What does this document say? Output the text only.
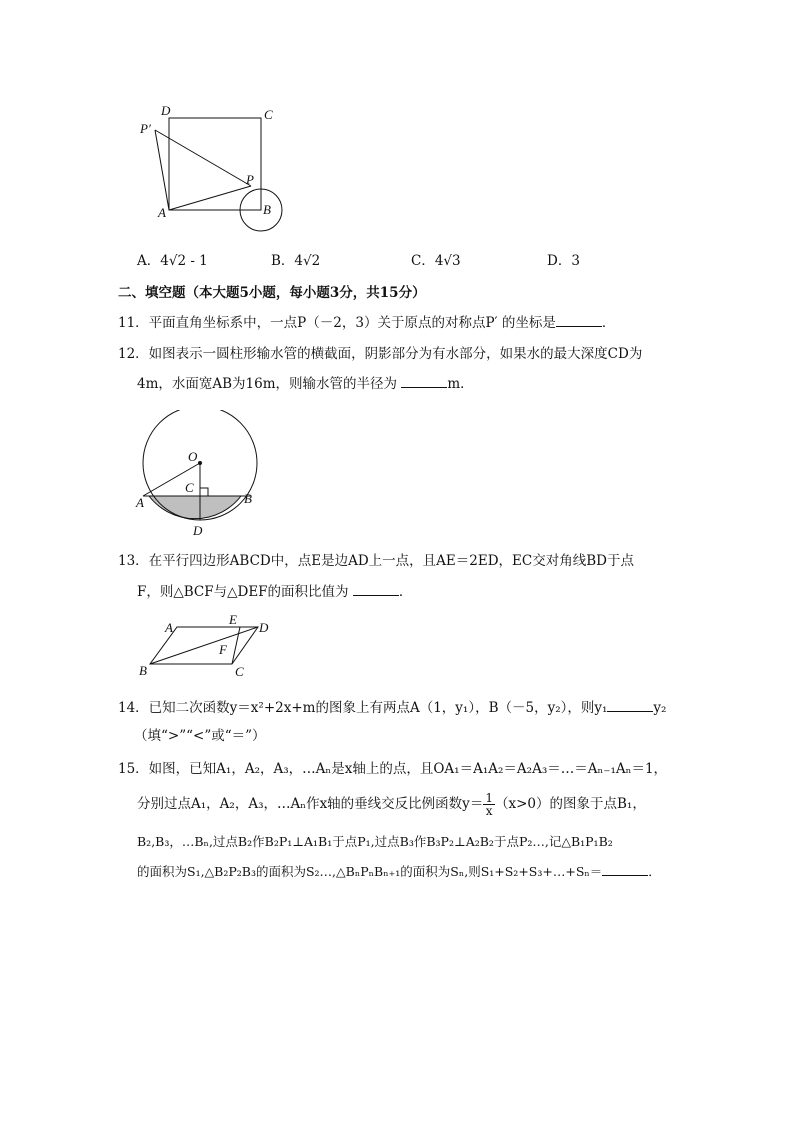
D	C
P′
P
A	B
A．4√2 - 1	B．4√2	C．4√3	D．3
二、填空题（本大题5小题，每小题3分，共15分）
11．平面直角坐标系中，一点P（－2，3）关于原点的对称点P′ 的坐标是	．
12．如图表示一圆柱形输水管的横截面，阴影部分为有水部分，如果水的最大深度CD为
4m，水面宽AB为16m，则输水管的半径为	m．
O
C
A	B
D
13．在平行四边形ABCD中，点E是边AD上一点，且AE＝2ED，EC交对角线BD于点
F，则△BCF与△DEF的面积比值为	．
A
E
D
F
B	C
14．已知二次函数y＝x²+2x+m的图象上有两点A（1，y₁），B（－5，y₂），则y₁	y₂
（填“>”“<”或“＝”）
15．如图，已知A₁，A₂，A₃，…Aₙ是x轴上的点，且OA₁＝A₁A₂＝A₂A₃＝…＝Aₙ₋₁Aₙ＝1，
分别过点A₁，A₂，A₃，…Aₙ作x轴的垂线交反比例函数$y= \frac{1}{x} (x>0)$的图象于点B₁，
B₂,B₃，…Bₙ,过点B₂作B₂P₁⊥A₁B₁于点P₁,过点B₃作B₃P₂⊥A₂B₂于点P₂…,记△B₁P₁B₂
的面积为S₁,△B₂P₂B₃的面积为S₂…,△BₙPₙBₙ₊₁的面积为Sₙ,则S₁+S₂+S₃+…+Sₙ＝	．
